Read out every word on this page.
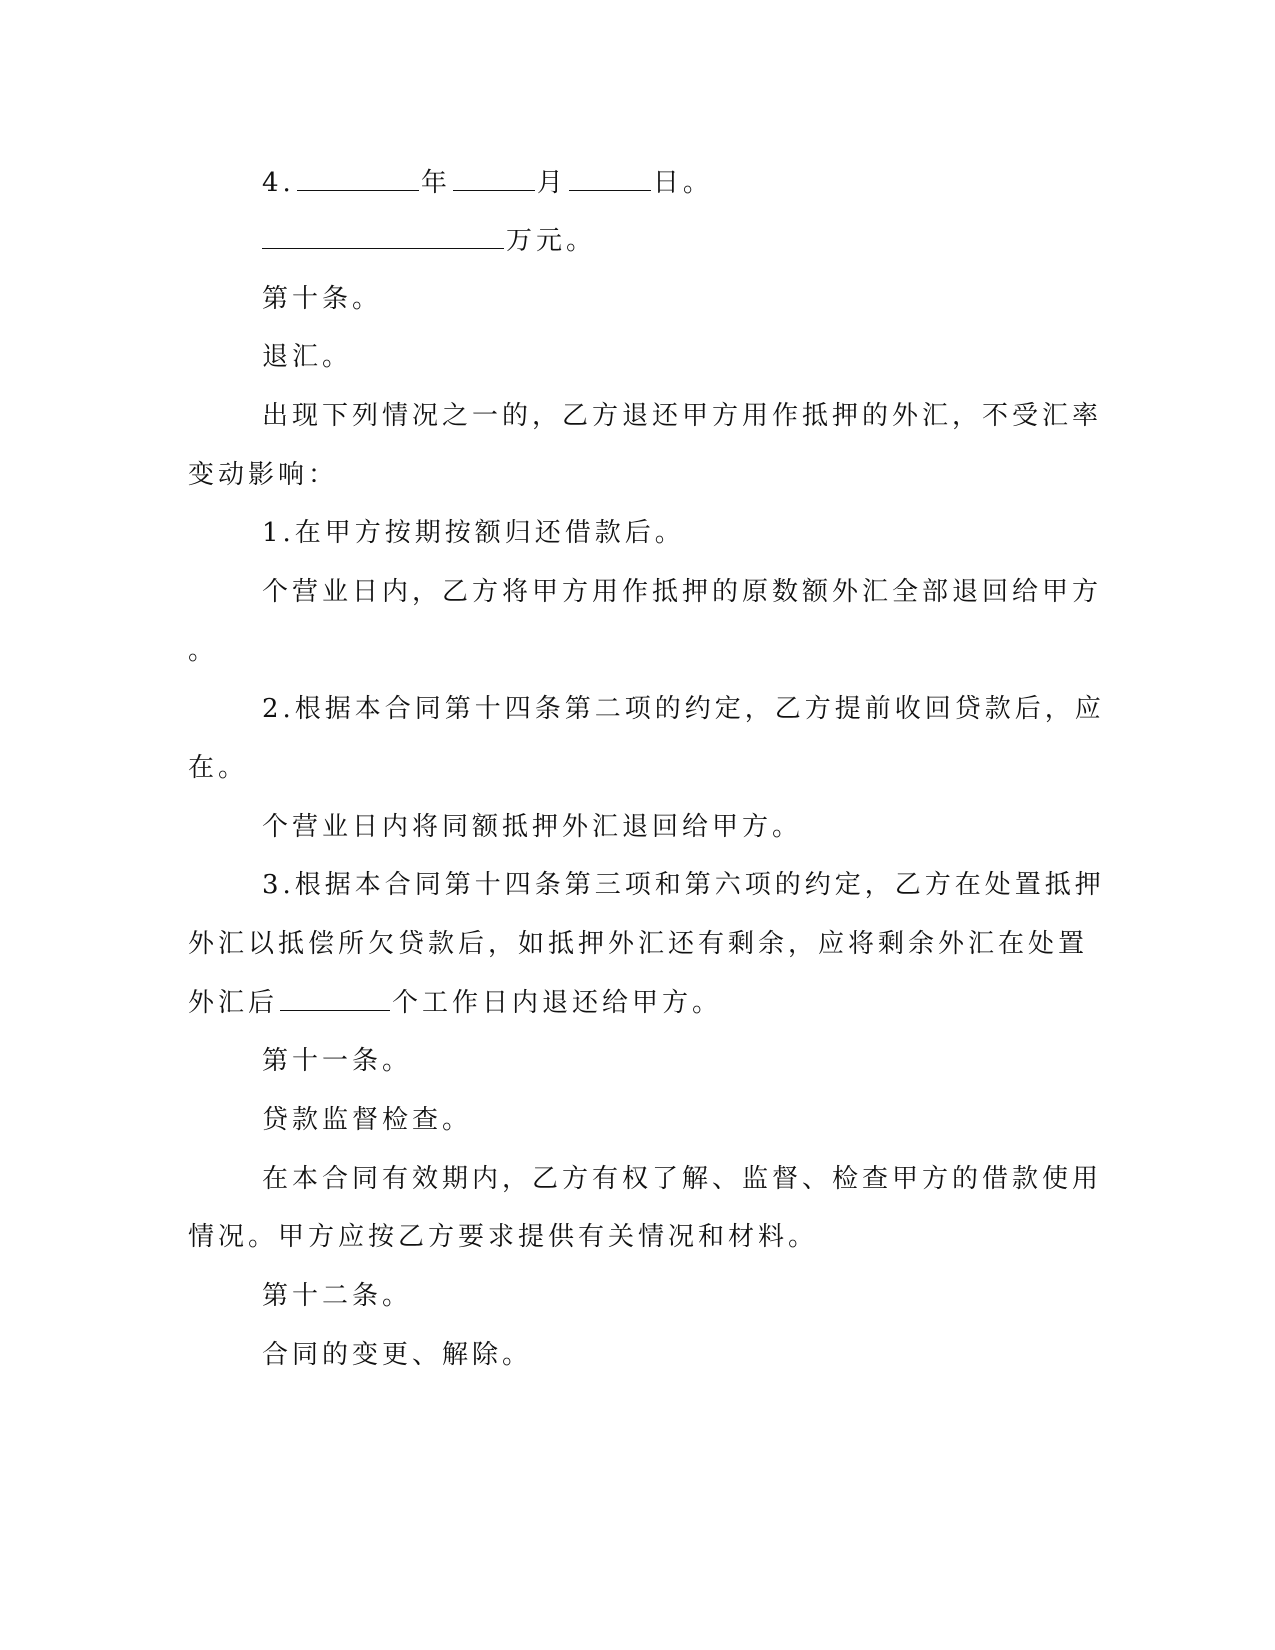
4.	年	月	日。
万元。
第十条。
退汇。
出现下列情况之一的，乙方退还甲方用作抵押的外汇，不受汇率
变动影响：
1.在甲方按期按额归还借款后。
个营业日内，乙方将甲方用作抵押的原数额外汇全部退回给甲方
。
2.根据本合同第十四条第二项的约定，乙方提前收回贷款后，应
在。
个营业日内将同额抵押外汇退回给甲方。
3.根据本合同第十四条第三项和第六项的约定，乙方在处置抵押
外汇以抵偿所欠贷款后，如抵押外汇还有剩余，应将剩余外汇在处置
外汇后	个工作日内退还给甲方。
第十一条。
贷款监督检查。
在本合同有效期内，乙方有权了解、监督、检查甲方的借款使用
情况。甲方应按乙方要求提供有关情况和材料。
第十二条。
合同的变更、解除。
